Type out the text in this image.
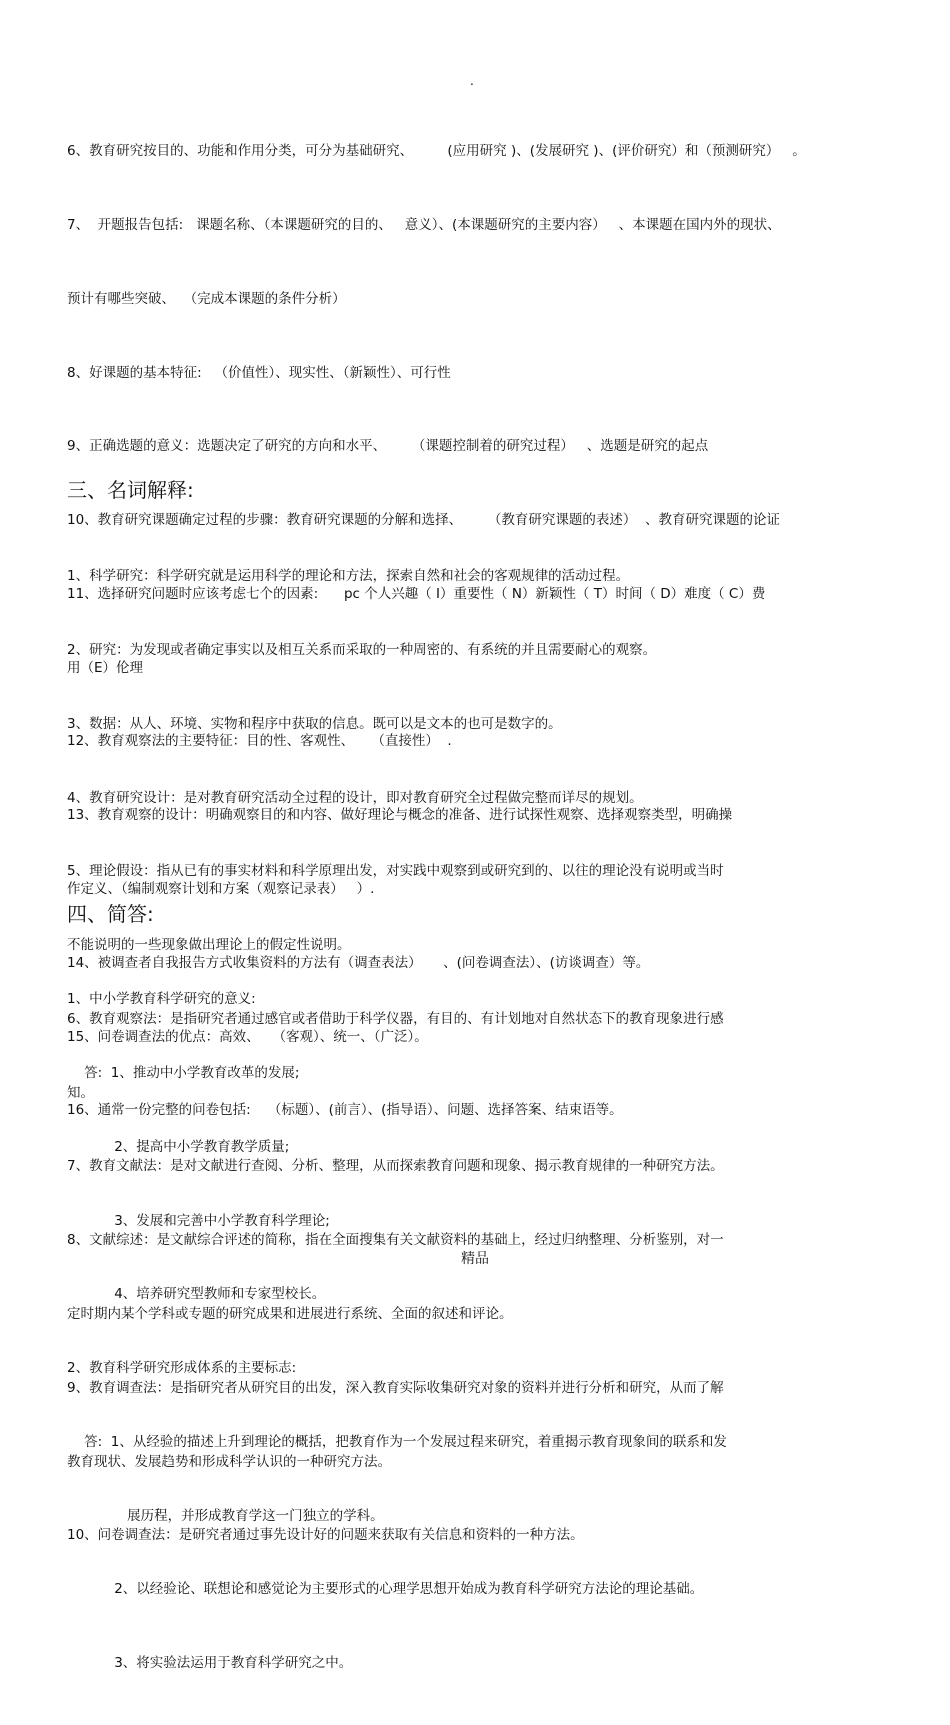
.

6、教育研究按目的、功能和作用分类，可分为基础研究、        (应用研究 )、(发展研究 )、(评价研究）和（预测研究）   。

7、  开题报告包括:   课题名称、（本课题研究的目的、   意义）、(本课题研究的主要内容）   、本课题在国内外的现状、

预计有哪些突破、  （完成本课题的条件分析）

8、好课题的基本特征:   （价值性）、现实性、（新颖性）、可行性

9、正确选题的意义：选题决定了研究的方向和水平、      （课题控制着的研究过程）   、选题是研究的起点

10、教育研究课题确定过程的步骤：教育研究课题的分解和选择、      （教育研究课题的表述）  、教育研究课题的论证

11、选择研究问题时应该考虑七个的因素:      pc 个人兴趣（ I）重要性（ N）新颖性（ T）时间（ D）难度（ C）费

用（E）伦理

12、教育观察法的主要特征：目的性、客观性、    （直接性）  .

13、教育观察的设计：明确观察目的和内容、做好理论与概念的准备、进行试探性观察、选择观察类型，明确操

作定义、（编制观察计划和方案（观察记录表）   ）.

14、被调查者自我报告方式收集资料的方法有（调查表法）     、(问卷调查法）、(访谈调查）等。

15、问卷调查法的优点：高效、   （客观）、统一、（广泛）。

16、通常一份完整的问卷包括:    （标题）、(前言）、(指导语）、问题、选择答案、结束语等。

三、名词解释:

1、科学研究：科学研究就是运用科学的理论和方法，探索自然和社会的客观规律的活动过程。

2、研究：为发现或者确定事实以及相互关系而采取的一种周密的、有系统的并且需要耐心的观察。

3、数据：从人、环境、实物和程序中获取的信息。既可以是文本的也可是数字的。

4、教育研究设计：是对教育研究活动全过程的设计，即对教育研究全过程做完整而详尽的规划。

5、理论假设：指从已有的事实材料和科学原理出发，对实践中观察到或研究到的、以往的理论没有说明或当时

不能说明的一些现象做出理论上的假定性说明。

6、教育观察法：是指研究者通过感官或者借助于科学仪器，有目的、有计划地对自然状态下的教育现象进行感

知。

7、教育文献法：是对文献进行查阅、分析、整理，从而探索教育问题和现象、揭示教育规律的一种研究方法。

8、文献综述：是文献综合评述的简称，指在全面搜集有关文献资料的基础上，经过归纳整理、分析鉴别，对一

定时期内某个学科或专题的研究成果和进展进行系统、全面的叙述和评论。

9、教育调查法：是指研究者从研究目的出发，深入教育实际收集研究对象的资料并进行分析和研究，从而了解

教育现状、发展趋势和形成科学认识的一种研究方法。

10、问卷调查法：是研究者通过事先设计好的问题来获取有关信息和资料的一种方法。

四、简答:

1、中小学教育科学研究的意义:

答:  1、推动中小学教育改革的发展;

2、提高中小学教育教学质量;

3、发展和完善中小学教育科学理论;

4、培养研究型教师和专家型校长。

2、教育科学研究形成体系的主要标志:

答:  1、从经验的描述上升到理论的概括，把教育作为一个发展过程来研究，着重揭示教育现象间的联系和发

展历程，并形成教育学这一门独立的学科。

2、以经验论、联想论和感觉论为主要形式的心理学思想开始成为教育科学研究方法论的理论基础。

3、将实验法运用于教育科学研究之中。

精品
